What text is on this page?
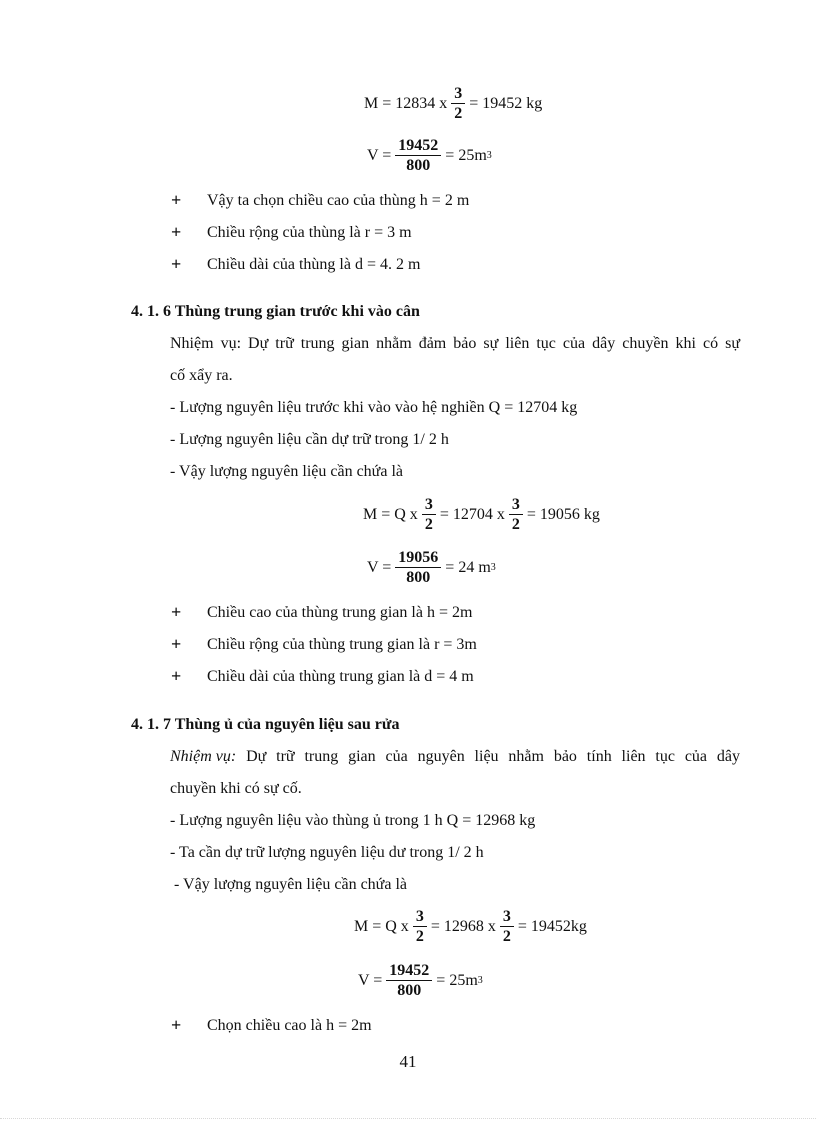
M = 12834 x $\frac{3}{2} = 19452$ kg
$V = \frac{19452}{800} = 25m$ 3
+	Vậy ta chọn chiều cao của thùng h = 2 m
+	Chiều rộng của thùng là r = 3 m
+	Chiều dài của thùng là d = 4. 2 m
4. 1. 6 Thùng trung gian trước khi vào cân
Nhiệm vụ: Dự trữ trung gian nhằm đảm bảo sự liên tục của dây chuyền khi có sự
cố xẩy ra.
- Lượng nguyên liệu trước khi vào vào hệ nghiền Q = 12704 kg
- Lượng nguyên liệu cần dự trữ trong 1/ 2 h
- Vậy lượng nguyên liệu cần chứa là
M = Q x $\frac{3}{2} = 12704$ x $\frac{3}{2} = 19056$ kg
$V = \frac{19056}{800} = 24$ m 3
+	Chiều cao của thùng trung gian là h = 2m
+	Chiều rộng của thùng trung gian là r = 3m
+	Chiều dài của thùng trung gian là d = 4 m
4. 1. 7 Thùng ủ của nguyên liệu sau rửa
Nhiệm vụ: Dự trữ trung gian của nguyên liệu nhằm bảo tính liên tục của dây
chuyền khi có sự cố.
- Lượng nguyên liệu vào thùng ủ trong 1 h Q = 12968 kg
- Ta cần dự trữ lượng nguyên liệu dư trong 1/ 2 h
- Vậy lượng nguyên liệu cần chứa là
M = Q x $\frac{3}{2} = 12968$ x $\frac{3}{2} = 19452kg$
$V = \frac{19452}{800} = 25m$ 3
+	Chọn chiều cao là h = 2m
41
